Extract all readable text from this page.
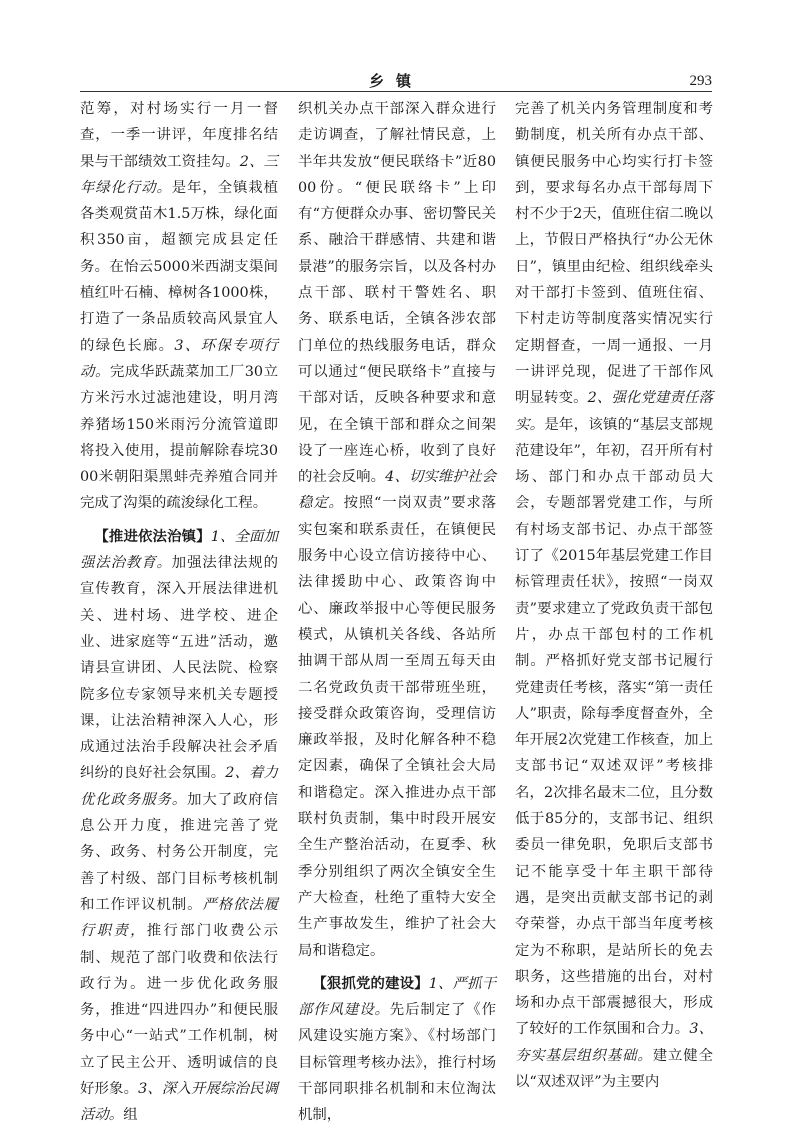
乡镇	293

范筹，对村场实行一月一督查，一季一讲评，年度排名结果与干部绩效工资挂勾。2、三年绿化行动。是年，全镇栽植各类观赏苗木1.5万株，绿化面积350亩，超额完成县定任务。在怡云5000米西湖支渠间植红叶石楠、樟树各1000株，打造了一条品质较高风景宜人的绿色长廊。3、环保专项行动。完成华跃蔬菜加工厂30立方米污水过滤池建设，明月湾养猪场150米雨污分流管道即将投入使用，提前解除春垸3000米朝阳渠黑蚌壳养殖合同并完成了沟渠的疏浚绿化工程。

【推进依法治镇】1、全面加强法治教育。加强法律法规的宣传教育，深入开展法律进机关、进村场、进学校、进企业、进家庭等“五进”活动，邀请县宣讲团、人民法院、检察院多位专家领导来机关专题授课，让法治精神深入人心，形成通过法治手段解决社会矛盾纠纷的良好社会氛围。2、着力优化政务服务。加大了政府信息公开力度，推进完善了党务、政务、村务公开制度，完善了村级、部门目标考核机制和工作评议机制。严格依法履行职责，推行部门收费公示制、规范了部门收费和依法行政行为。进一步优化政务服务，推进“四进四办”和便民服务中心“一站式”工作机制，树立了民主公开、透明诚信的良好形象。3、深入开展综治民调活动。组

织机关办点干部深入群众进行走访调查，了解社情民意，上半年共发放“便民联络卡”近8000份。“便民联络卡”上印有“方便群众办事、密切警民关系、融洽干群感情、共建和谐景港”的服务宗旨，以及各村办点干部、联村干警姓名、职务、联系电话，全镇各涉农部门单位的热线服务电话，群众可以通过“便民联络卡”直接与干部对话，反映各种要求和意见，在全镇干部和群众之间架设了一座连心桥，收到了良好的社会反响。4、切实维护社会稳定。按照“一岗双责”要求落实包案和联系责任，在镇便民服务中心设立信访接待中心、法律援助中心、政策咨询中心、廉政举报中心等便民服务模式，从镇机关各线、各站所抽调干部从周一至周五每天由二名党政负责干部带班坐班，接受群众政策咨询，受理信访廉政举报，及时化解各种不稳定因素，确保了全镇社会大局和谐稳定。深入推进办点干部联村负责制，集中时段开展安全生产整治活动，在夏季、秋季分别组织了两次全镇安全生产大检查，杜绝了重特大安全生产事故发生，维护了社会大局和谐稳定。

【狠抓党的建设】1、严抓干部作风建设。先后制定了《作风建设实施方案》、《村场部门目标管理考核办法》，推行村场干部同职排名机制和末位淘汰机制，

完善了机关内务管理制度和考勤制度，机关所有办点干部、镇便民服务中心均实行打卡签到，要求每名办点干部每周下村不少于2天，值班住宿二晚以上，节假日严格执行“办公无休日”，镇里由纪检、组织线牵头对干部打卡签到、值班住宿、下村走访等制度落实情况实行定期督查，一周一通报、一月一讲评兑现，促进了干部作风明显转变。2、强化党建责任落实。是年，该镇的“基层支部规范建设年”，年初，召开所有村场、部门和办点干部动员大会，专题部署党建工作，与所有村场支部书记、办点干部签订了《2015年基层党建工作目标管理责任状》，按照“一岗双责”要求建立了党政负责干部包片，办点干部包村的工作机制。严格抓好党支部书记履行党建责任考核，落实“第一责任人”职责，除每季度督查外，全年开展2次党建工作核查，加上支部书记“双述双评”考核排名，2次排名最末二位，且分数低于85分的，支部书记、组织委员一律免职，免职后支部书记不能享受十年主职干部待遇，是突出贡献支部书记的剥夺荣誉，办点干部当年度考核定为不称职，是站所长的免去职务，这些措施的出台，对村场和办点干部震撼很大，形成了较好的工作氛围和合力。3、夯实基层组织基础。建立健全以“双述双评”为主要内
